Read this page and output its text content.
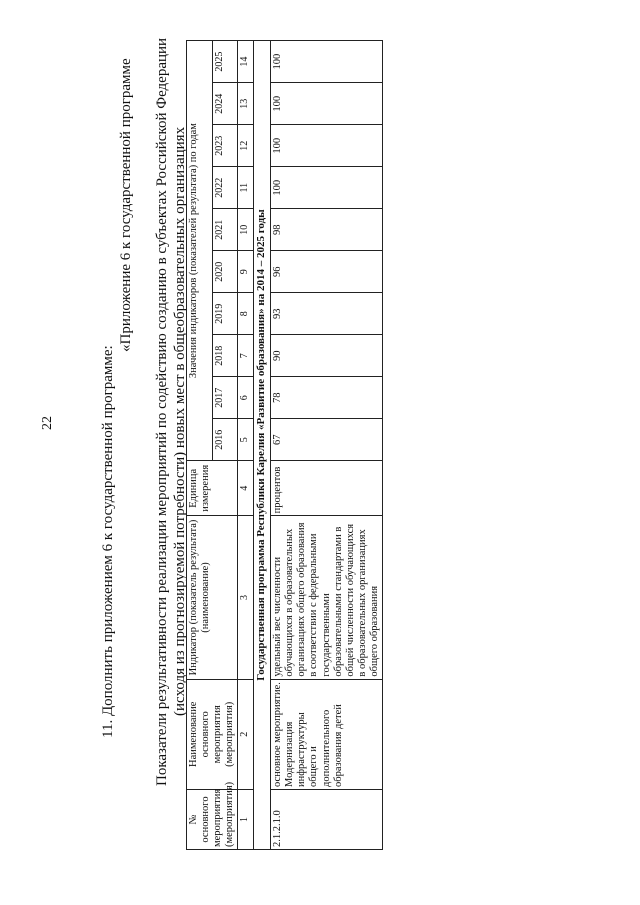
22	11. Дополнить приложением 6 к государственной программе:
«Приложение 6 к государственной программе Показатели результативности реализации мероприятий по содействию созданию в субъектах Российской Федерации (исходя из прогнозируемой потребности) новых мест в общеобразовательных организациях
№ основного мероприятия (мероприятия)	Наименование основного мероприятия (мероприятия)	Индикатор (показатель результата) (наименование)	Единица измерения	Значения индикаторов (показателей результата) по годам									
				2016	2017	2018	2019	2020	2021	2022	2023	2024	2025
1	2	3	4	5	6	7	8	9	10	11	12	13	14
Государственная программа Республики Карелия «Развитие образования» на 2014 – 2025 годы													
2.1.2.1.0	основное мероприятие. Модернизация инфраструктуры общего и дополнительного образования детей	удельный вес численности обучающихся в образовательных организациях общего образования в соответствии с федеральными государственными образовательными стандартами в общей численности обучающихся в образовательных организациях общего образования	процентов	67	78	90	93	96	98	100	100	100	100
